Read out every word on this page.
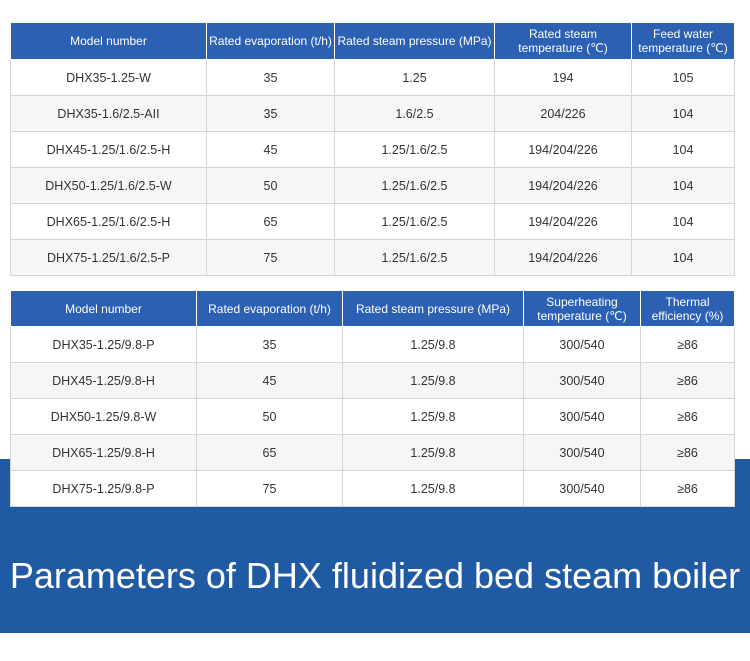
Parameters of DHX fluidized bed steam boiler
Model number	Rated evaporation (t/h)	Rated steam pressure (MPa)	Rated steam temperature (℃)	Feed water temperature (℃)
DHX35-1.25-W	35	1.25	194	105
DHX35-1.6/2.5-AII	35	1.6/2.5	204/226	104
DHX45-1.25/1.6/2.5-H	45	1.25/1.6/2.5	194/204/226	104
DHX50-1.25/1.6/2.5-W	50	1.25/1.6/2.5	194/204/226	104
DHX65-1.25/1.6/2.5-H	65	1.25/1.6/2.5	194/204/226	104
DHX75-1.25/1.6/2.5-P	75	1.25/1.6/2.5	194/204/226	104
Model number	Rated evaporation (t/h)	Rated steam pressure (MPa)	Superheating temperature (℃)	Thermal efficiency (%)
DHX35-1.25/9.8-P	35	1.25/9.8	300/540	≥86
DHX45-1.25/9.8-H	45	1.25/9.8	300/540	≥86
DHX50-1.25/9.8-W	50	1.25/9.8	300/540	≥86
DHX65-1.25/9.8-H	65	1.25/9.8	300/540	≥86
DHX75-1.25/9.8-P	75	1.25/9.8	300/540	≥86
